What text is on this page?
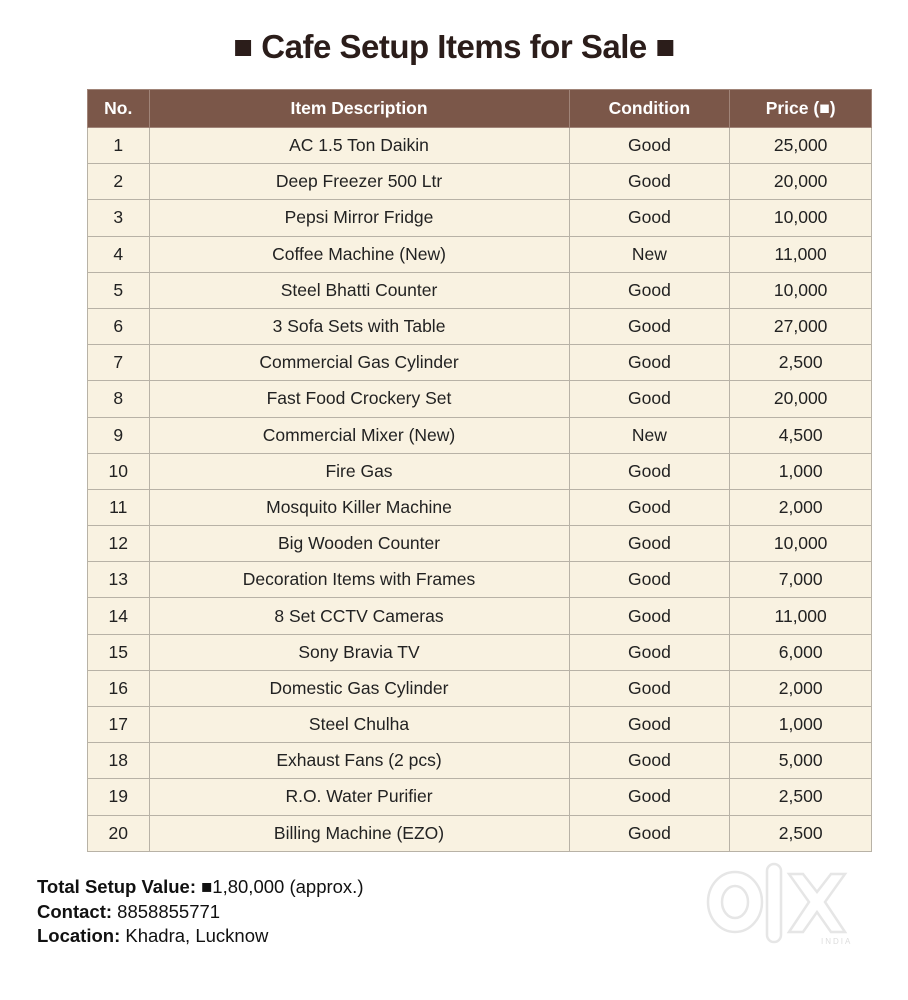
■ Cafe Setup Items for Sale ■
No.	Item Description	Condition	Price (■)
1	AC 1.5 Ton Daikin	Good	25,000
2	Deep Freezer 500 Ltr	Good	20,000
3	Pepsi Mirror Fridge	Good	10,000
4	Coffee Machine (New)	New	11,000
5	Steel Bhatti Counter	Good	10,000
6	3 Sofa Sets with Table	Good	27,000
7	Commercial Gas Cylinder	Good	2,500
8	Fast Food Crockery Set	Good	20,000
9	Commercial Mixer (New)	New	4,500
10	Fire Gas	Good	1,000
11	Mosquito Killer Machine	Good	2,000
12	Big Wooden Counter	Good	10,000
13	Decoration Items with Frames	Good	7,000
14	8 Set CCTV Cameras	Good	11,000
15	Sony Bravia TV	Good	6,000
16	Domestic Gas Cylinder	Good	2,000
17	Steel Chulha	Good	1,000
18	Exhaust Fans (2 pcs)	Good	5,000
19	R.O. Water Purifier	Good	2,500
20	Billing Machine (EZO)	Good	2,500
Total Setup Value: ■1,80,000 (approx.)
Contact: 8858855771
Location: Khadra, Lucknow	INDIA
